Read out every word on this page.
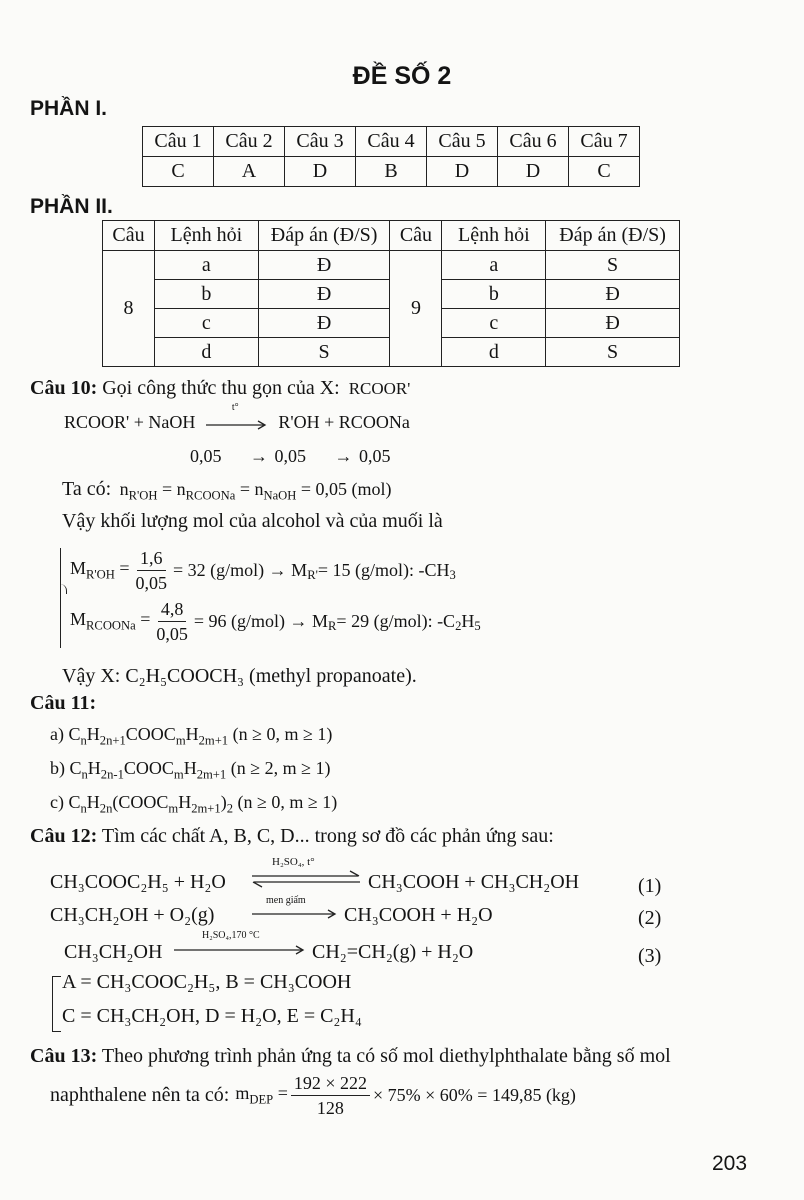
ĐỀ SỐ 2
PHẦN I.
Câu 1	Câu 2	Câu 3	Câu 4	Câu 5	Câu 6	Câu 7
C	A	D	B	D	D	C
PHẦN II.
Câu	Lệnh hỏi	Đáp án (Đ/S)	Câu	Lệnh hỏi	Đáp án (Đ/S)
8	a	Đ	9	a	S
	b	Đ		b	Đ
	c	Đ		c	Đ
	d	S		d	S
Câu 10: Gọi công thức thu gọn của X: RCOOR'
RCOOR' + NaOH
t°
R'OH + RCOONa
0,05 → 0,05 → 0,05
Ta có: $n_{R'OH} = n_{RCOONa} = n_{NaOH} = 0,05$ (mol)
Vậy khối lượng mol của alcohol và của muối là
$M_{R'OH} = \frac{1,6}{0,05} = 32$ $(g/mol) \to M_{R'} = 15$ (g/mol): $-CH_3$
$M_{RCOONa} = \frac{4,8}{0,05} = 96$ $(g/mol) \to M_R = 29$ (g/mol): $-C_2$ $H_5$
Vậy X: C₂H₅COOCH₃ (methyl propanoate).
Câu 11:
a) $C_nH_{2n+1}COOC_mH_{2m+1}$ (n ≥ 0, m ≥ 1)
b) $C_nH_{2n-1}COOC_mH_{2m+1}$ (n ≥ 2, m ≥ 1)
c) $C_nH_{2n}(COOC_mH_{2m+1})_2$ (n ≥ 0, m ≥ 1)
Câu 12: Tìm các chất A, B, C, D... trong sơ đồ các phản ứng sau:
CH₃COOC₂H₅ + H₂O
H₂SO₄, t°
CH₃COOH + CH₃CH₂OH	(1)
CH₃CH₂OH + O₂(g)
men giấm
CH₃COOH + H₂O	(2)
CH₃CH₂OH
H₂SO₄,170 °C
CH₂=CH₂(g) + H₂O	(3)
A = CH₃COOC₂H₅, B = CH₃COOH
C = CH₃CH₂OH, D = H₂O, E = C₂H₄
Câu 13: Theo phương trình phản ứng ta có số mol diethylphthalate bằng số mol
naphthalene nên ta có: $m_{DEP} = \frac{192 \times 222}{128} \times 75\% \times 60\% = 149,85$ (kg)
203
